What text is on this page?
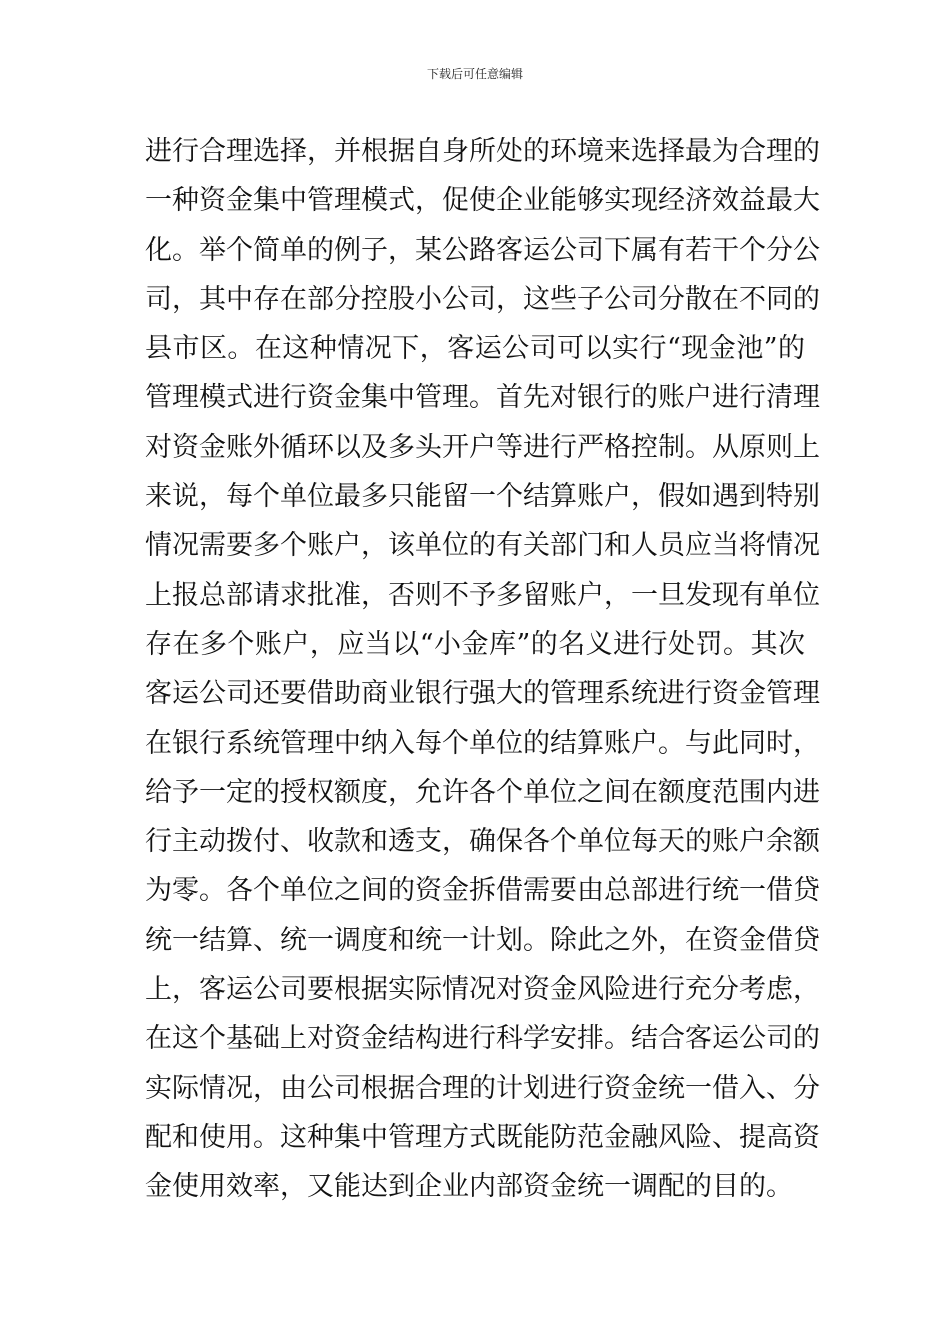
下载后可任意编辑
进行合理选择，并根据自身所处的环境来选择最为合理的
一种资金集中管理模式，促使企业能够实现经济效益最大
化。举个简单的例子，某公路客运公司下属有若干个分公
司，其中存在部分控股小公司，这些子公司分散在不同的
县市区。在这种情况下，客运公司可以实行“现金池”的
管理模式进行资金集中管理。首先对银行的账户进行清理
对资金账外循环以及多头开户等进行严格控制。从原则上
来说，每个单位最多只能留一个结算账户，假如遇到特别
情况需要多个账户，该单位的有关部门和人员应当将情况
上报总部请求批准，否则不予多留账户，一旦发现有单位
存在多个账户，应当以“小金库”的名义进行处罚。其次
客运公司还要借助商业银行强大的管理系统进行资金管理
在银行系统管理中纳入每个单位的结算账户。与此同时，
给予一定的授权额度，允许各个单位之间在额度范围内进
行主动拨付、收款和透支，确保各个单位每天的账户余额
为零。各个单位之间的资金拆借需要由总部进行统一借贷
统一结算、统一调度和统一计划。除此之外，在资金借贷
上，客运公司要根据实际情况对资金风险进行充分考虑，
在这个基础上对资金结构进行科学安排。结合客运公司的
实际情况，由公司根据合理的计划进行资金统一借入、分
配和使用。这种集中管理方式既能防范金融风险、提高资
金使用效率，又能达到企业内部资金统一调配的目的。
